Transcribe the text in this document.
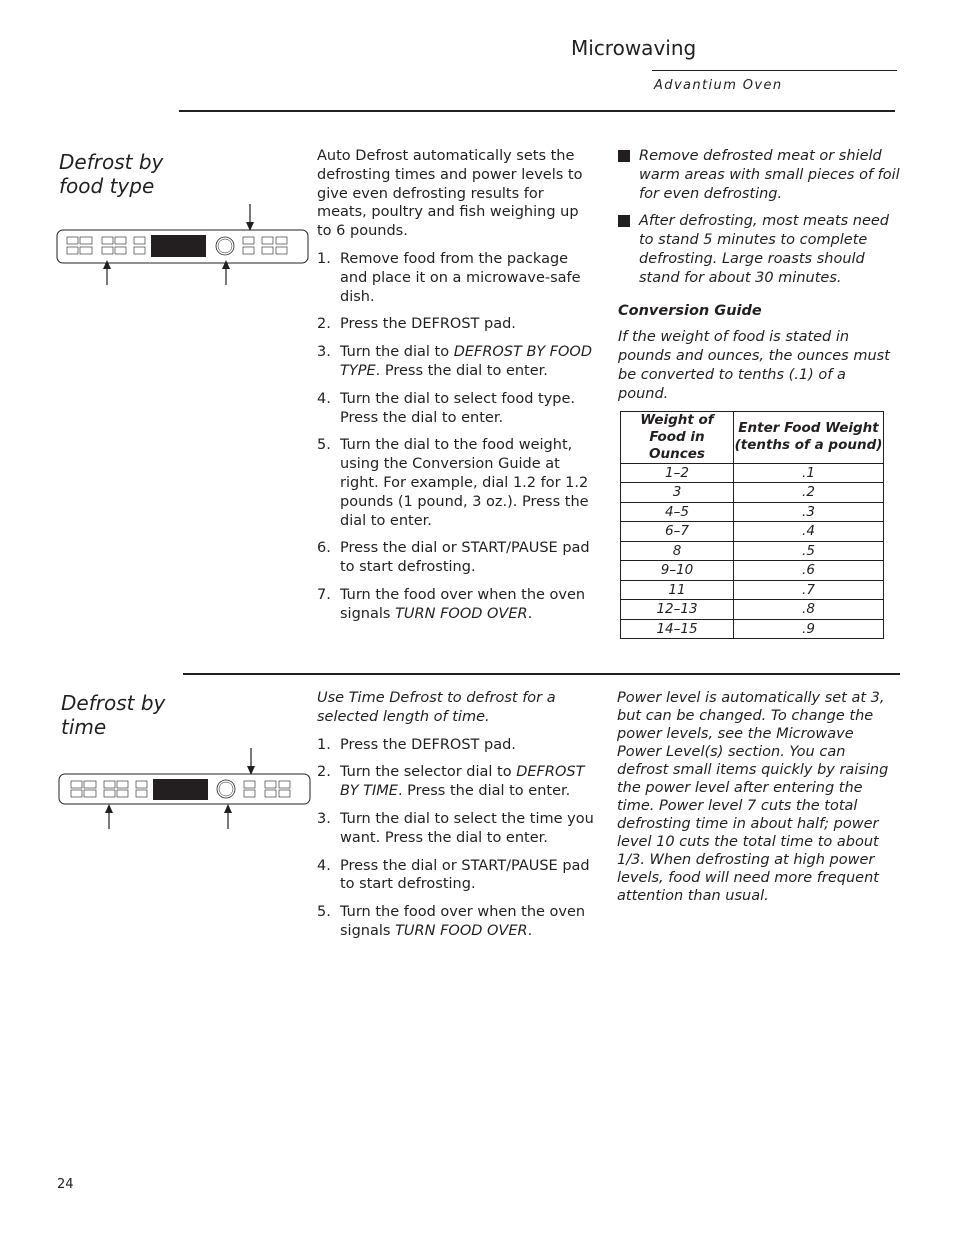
Microwaving
Advantium Oven
Defrost by
food type
Auto Defrost automatically sets the defrosting times and power levels to give even defrosting results for meats, poultry and fish weighing up to 6 pounds.
1. Remove food from the package and place it on a microwave-safe dish.
2. Press the DEFROST pad.
3. Turn the dial to DEFROST BY FOOD TYPE. Press the dial to enter.
4. Turn the dial to select food type. Press the dial to enter.
5. Turn the dial to the food weight, using the Conversion Guide at right. For example, dial 1.2 for 1.2 pounds (1 pound, 3 oz.). Press the dial to enter.
6. Press the dial or START/PAUSE pad to start defrosting.
7. Turn the food over when the oven signals TURN FOOD OVER.
Remove defrosted meat or shield warm areas with small pieces of foil for even defrosting.
After defrosting, most meats need to stand 5 minutes to complete defrosting. Large roasts should stand for about 30 minutes.
Conversion Guide
If the weight of food is stated in pounds and ounces, the ounces must be converted to tenths (.1) of a pound.
Weight of Food in Ounces	Enter Food Weight (tenths of a pound)
1–2	.1
3	.2
4–5	.3
6–7	.4
8	.5
9–10	.6
11	.7
12–13	.8
14–15	.9
Defrost by
time
Use Time Defrost to defrost for a selected length of time.
1. Press the DEFROST pad.
2. Turn the selector dial to DEFROST BY TIME. Press the dial to enter.
3. Turn the dial to select the time you want. Press the dial to enter.
4. Press the dial or START/PAUSE pad to start defrosting.
5. Turn the food over when the oven signals TURN FOOD OVER.
Power level is automatically set at 3, but can be changed. To change the power levels, see the Microwave Power Level(s) section. You can defrost small items quickly by raising the power level after entering the time. Power level 7 cuts the total defrosting time in about half; power level 10 cuts the total time to about 1/3. When defrosting at high power levels, food will need more frequent attention than usual.
24
